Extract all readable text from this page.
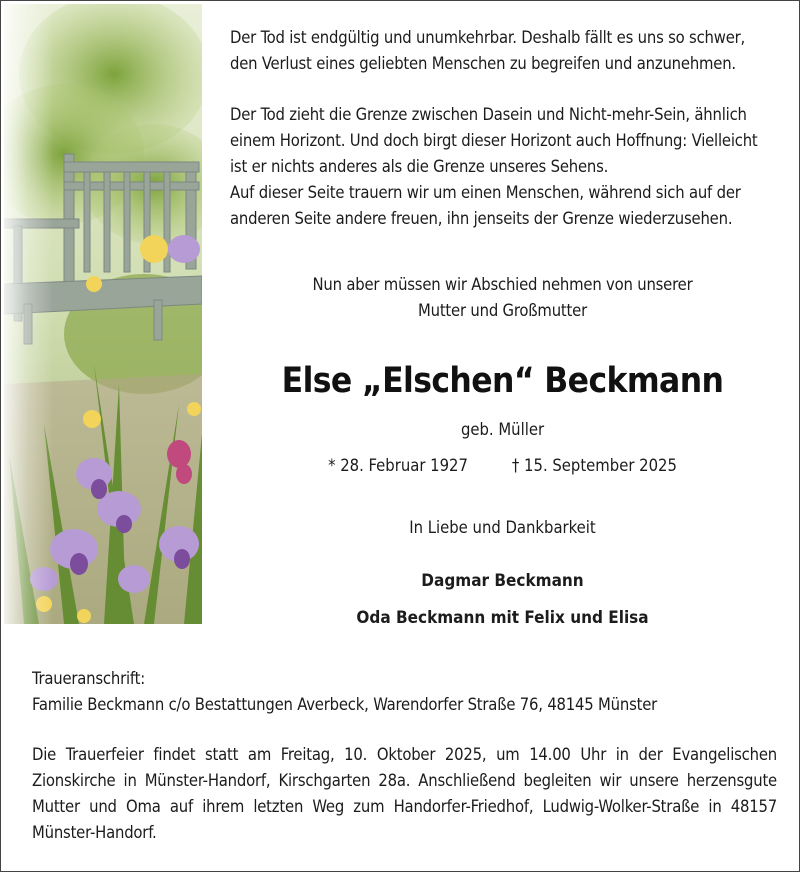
Der Tod ist endgültig und unumkehrbar. Deshalb fällt es uns so schwer,
den Verlust eines geliebten Menschen zu begreifen und anzunehmen.

Der Tod zieht die Grenze zwischen Dasein und Nicht-mehr-Sein, ähnlich
einem Horizont. Und doch birgt dieser Horizont auch Hoffnung: Vielleicht
ist er nichts anderes als die Grenze unseres Sehens.
Auf dieser Seite trauern wir um einen Menschen, während sich auf der
anderen Seite andere freuen, ihn jenseits der Grenze wiederzusehen.

Nun aber müssen wir Abschied nehmen von unserer
Mutter und Großmutter
Else „Elschen“ Beckmann
geb. Müller
* 28. Februar 1927	† 15. September 2025
In Liebe und Dankbarkeit
Dagmar Beckmann
Oda Beckmann mit Felix und Elisa
Traueranschrift:
Familie Beckmann c/o Bestattungen Averbeck, Warendorfer Straße 76, 48145 Münster
Die Trauerfeier findet statt am Freitag, 10. Oktober 2025, um 14.00 Uhr in der Evangelischen Zionskirche in Münster-Handorf, Kirschgarten 28a. Anschließend begleiten wir unsere herzensgute Mutter und Oma auf ihrem letzten Weg zum Handorfer-Friedhof, Ludwig-Wolker-Straße in 48157 Münster-Handorf.
